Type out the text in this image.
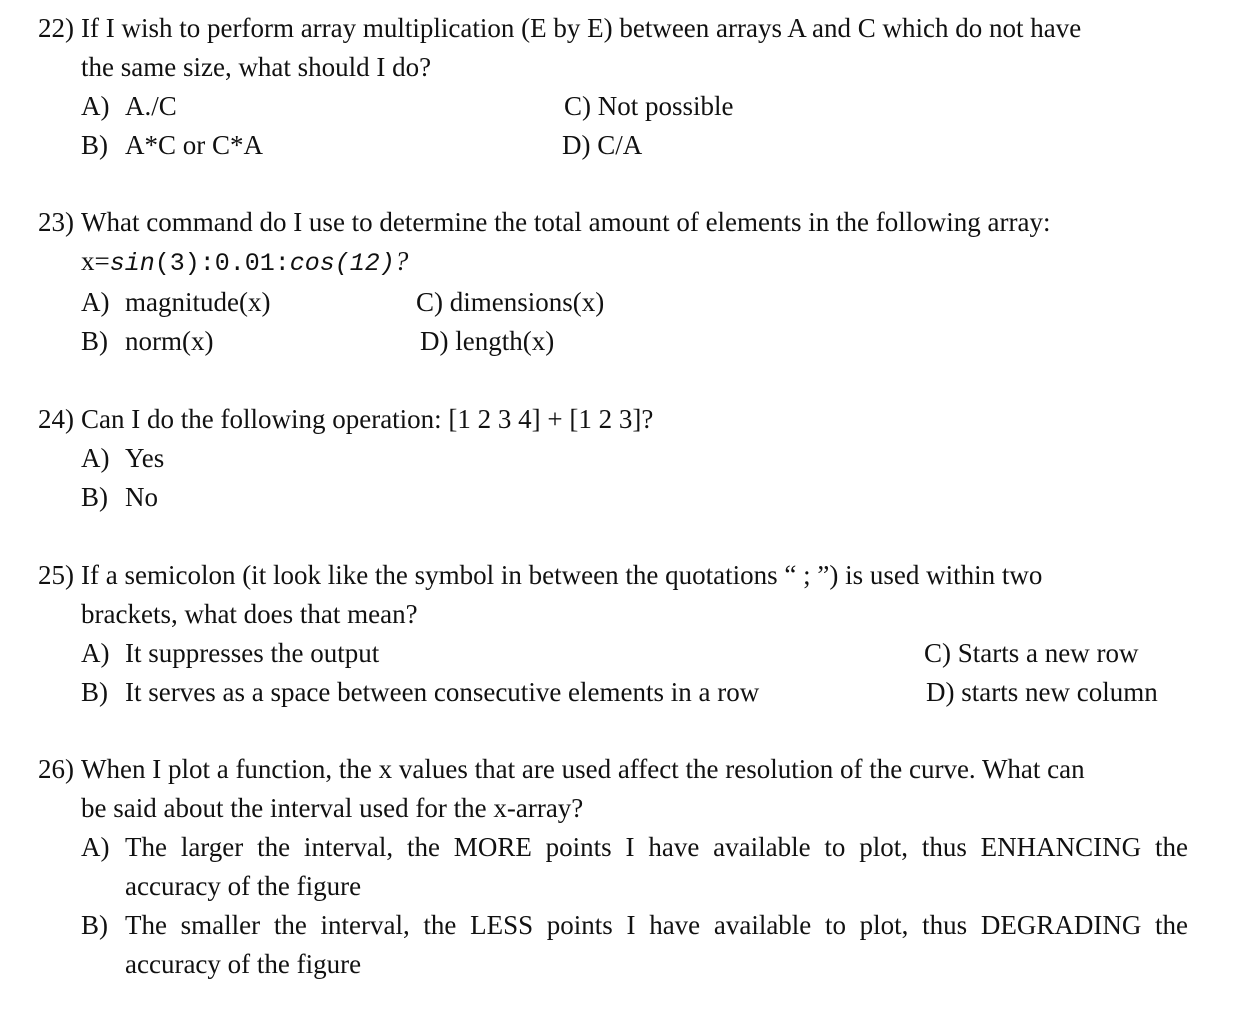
22) If I wish to perform array multiplication (E by E) between arrays A and C which do not have
the same size, what should I do?
A) A./C
B) A*C or C*A
C) Not possible
D) C/A
23) What command do I use to determine the total amount of elements in the following array:
x=sin(3):0.01:cos(12)?
A) magnitude(x)
B) norm(x)
C) dimensions(x)
D) length(x)
24) Can I do the following operation: [1 2 3 4] + [1 2 3]?
A) Yes
B) No
25) If a semicolon (it look like the symbol in between the quotations “ ; ”) is used within two
brackets, what does that mean?
A) It suppresses the output
B) It serves as a space between consecutive elements in a row
C) Starts a new row
D) starts new column
26) When I plot a function, the x values that are used affect the resolution of the curve. What can
be said about the interval used for the x-array?
A) The larger the interval, the MORE points I have available to plot, thus ENHANCING the accuracy of the figure
B) The smaller the interval, the LESS points I have available to plot, thus DEGRADING the accuracy of the figure
